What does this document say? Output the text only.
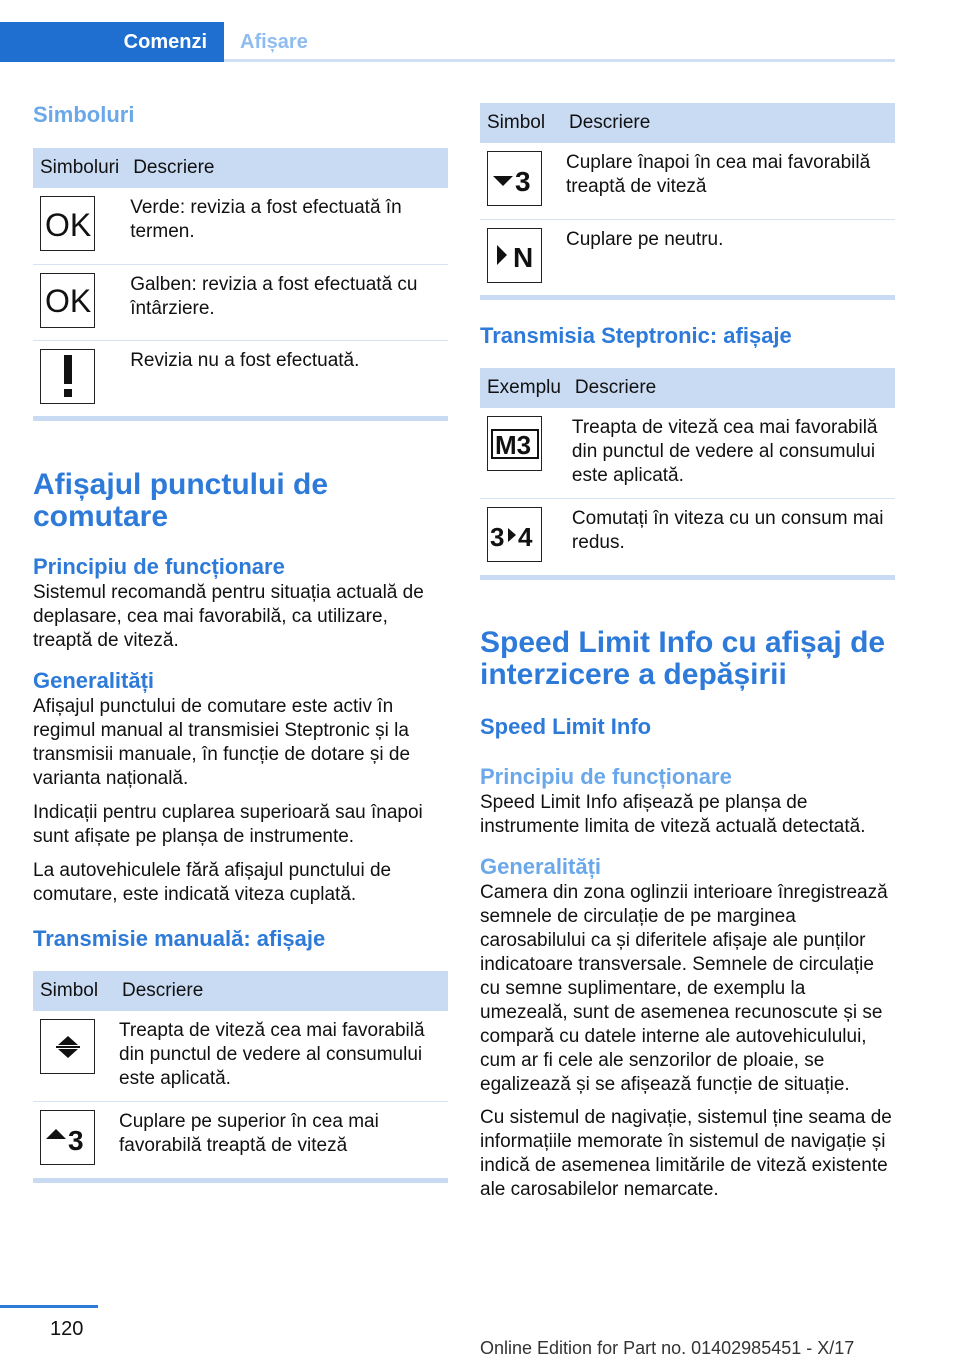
Comenzi	Afișare
Simboluri
Simboluri	Descriere

OK	Verde: revizia a fost efectuată în termen.

OK	Galben: revizia a fost efectuată cu întârziere.

	Revizia nu a fost efectuată.
Afișajul punctului de comutare
Principiu de funcționare
Sistemul recomandă pentru situația actuală de deplasare, cea mai favorabilă, ca utilizare, treaptă de viteză.
Generalități
Afișajul punctului de comutare este activ în regimul manual al transmisiei Steptronic și la transmisii manuale, în funcție de dotare și de varianta națională.
Indicații pentru cuplarea superioară sau înapoi sunt afișate pe planșa de instrumente.
La autovehiculele fără afișajul punctului de comutare, este indicată viteza cuplată.
Transmisie manuală: afișaje
Simbol	Descriere

	Treapta de viteză cea mai favorabilă din punctul de vedere al consumului este aplicată.

3	Cuplare pe superior în cea mai favorabilă treaptă de viteză
Simbol	Descriere

3	Cuplare înapoi în cea mai favorabilă treaptă de viteză

N	Cuplare pe neutru.
Transmisia Steptronic: afișaje
Exemplu	Descriere

M3	Treapta de viteză cea mai favorabilă din punctul de vedere al consumului este aplicată.

3 4	Comutați în viteza cu un consum mai redus.
Speed Limit Info cu afișaj de interzicere a depășirii
Speed Limit Info
Principiu de funcționare
Speed Limit Info afișează pe planșa de instrumente limita de viteză actuală detectată.
Generalități
Camera din zona oglinzii interioare înregistrează semnele de circulație de pe marginea carosabilului ca și diferitele afișaje ale punților indicatoare transversale. Semnele de circulație cu semne suplimentare, de exemplu la umezeală, sunt de asemenea recunoscute și se compară cu datele interne ale autovehiculului, cum ar fi cele ale senzorilor de ploaie, se egalizează și se afișează funcție de situație.
Cu sistemul de nagivație, sistemul ține seama de informațiile memorate în sistemul de navigație și indică de asemenea limitările de viteză existente ale carosabilelor nemarcate.
120
Online Edition for Part no. 01402985451 - X/17
